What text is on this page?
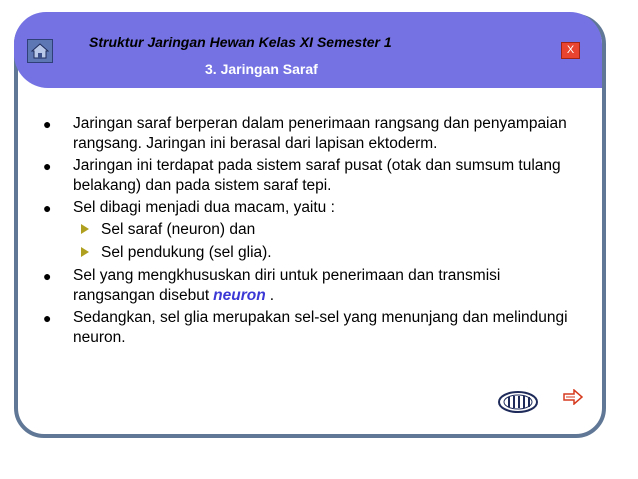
Struktur Jaringan Hewan Kelas XI Semester 1
3. Jaringan Saraf
X
● Jaringan saraf berperan dalam penerimaan rangsang dan penyampaian rangsang. Jaringan ini berasal dari lapisan ektoderm.
● Jaringan ini terdapat pada sistem saraf pusat (otak dan sumsum tulang belakang) dan pada sistem saraf tepi.
● Sel dibagi menjadi dua macam, yaitu :
Sel saraf (neuron) dan
Sel pendukung (sel glia).
● Sel yang mengkhususkan diri untuk penerimaan dan transmisi rangsangan disebut neuron .
● Sedangkan, sel glia merupakan sel-sel yang menunjang dan melindungi neuron.
